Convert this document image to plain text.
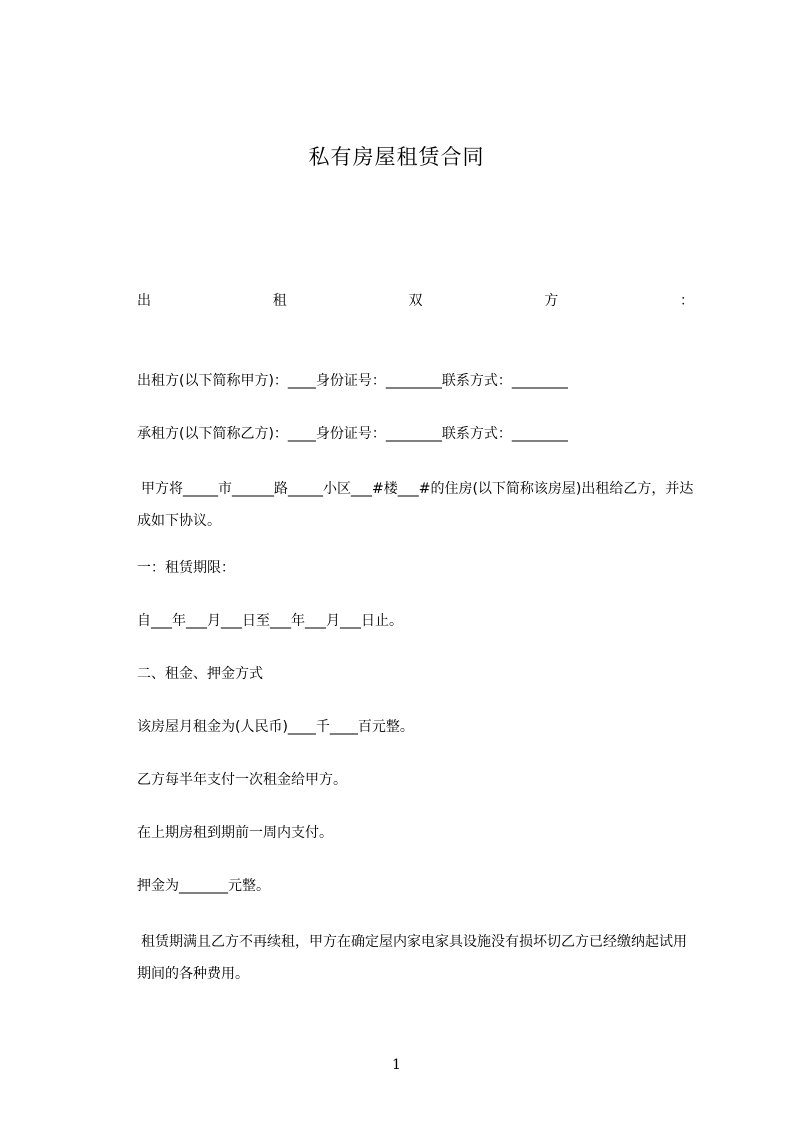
私有房屋租赁合同
出	租	双	方	：
出租方(以下简称甲方)：____身份证号：________联系方式：________
承租方(以下简称乙方)：____身份证号：________联系方式：________
甲方将_____市______路_____小区___#楼___#的住房(以下简称该房屋)出租给乙方，并达成如下协议。
一：租赁期限：
自___年___月___日至___年___月___日止。
二、租金、押金方式
该房屋月租金为(人民币)____千____百元整。
乙方每半年支付一次租金给甲方。
在上期房租到期前一周内支付。
押金为_______元整。
租赁期满且乙方不再续租，甲方在确定屋内家电家具设施没有损坏切乙方已经缴纳起试用期间的各种费用。
1
